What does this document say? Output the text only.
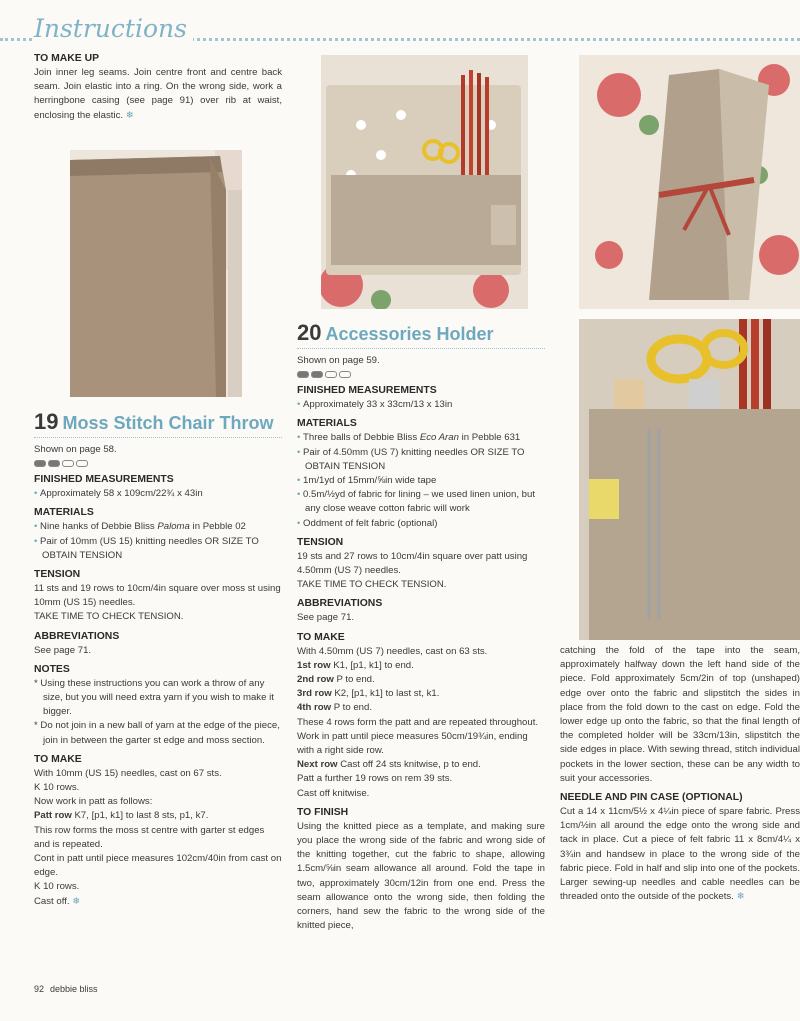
Instructions
TO MAKE UP

Join inner leg seams. Join centre front and centre back seam. Join elastic into a ring. On the wrong side, work a herringbone casing (see page 91) over rib at waist, enclosing the elastic. ❄

19 Moss Stitch Chair Throw

Shown on page 58.

FINISHED MEASUREMENTS

• Approximately 58 x 109cm/22¾ x 43in

MATERIALS

• Nine hanks of Debbie Bliss Paloma in Pebble 02

• Pair of 10mm (US 15) knitting needles OR SIZE TO OBTAIN TENSION

TENSION

11 sts and 19 rows to 10cm/4in square over moss st using 10mm (US 15) needles.

TAKE TIME TO CHECK TENSION.

ABBREVIATIONS

See page 71.

NOTES

* Using these instructions you can work a throw of any size, but you will need extra yarn if you wish to make it bigger.

* Do not join in a new ball of yarn at the edge of the piece, join in between the garter st edge and moss section.

TO MAKE

With 10mm (US 15) needles, cast on 67 sts.

K 10 rows.

Now work in patt as follows:

Patt row K7, [p1, k1] to last 8 sts, p1, k7.

This row forms the moss st centre with garter st edges and is repeated.

Cont in patt until piece measures 102cm/40in from cast on edge.

K 10 rows.

Cast off. ❄

20 Accessories Holder

Shown on page 59.

FINISHED MEASUREMENTS

• Approximately 33 x 33cm/13 x 13in

MATERIALS

• Three balls of Debbie Bliss Eco Aran in Pebble 631

• Pair of 4.50mm (US 7) knitting needles OR SIZE TO OBTAIN TENSION

• 1m/1yd of 15mm/⅝in wide tape

• 0.5m/½yd of fabric for lining – we used linen union, but any close weave cotton fabric will work

• Oddment of felt fabric (optional)

TENSION

19 sts and 27 rows to 10cm/4in square over patt using 4.50mm (US 7) needles.

TAKE TIME TO CHECK TENSION.

ABBREVIATIONS

See page 71.

TO MAKE

With 4.50mm (US 7) needles, cast on 63 sts.

1st row K1, [p1, k1] to end.

2nd row P to end.

3rd row K2, [p1, k1] to last st, k1.

4th row P to end.

These 4 rows form the patt and are repeated throughout.

Work in patt until piece measures 50cm/19¾in, ending with a right side row.

Next row Cast off 24 sts knitwise, p to end.

Patt a further 19 rows on rem 39 sts.

Cast off knitwise.

TO FINISH

Using the knitted piece as a template, and making sure you place the wrong side of the fabric and wrong side of the knitting together, cut the fabric to shape, allowing 1.5cm/⅝in seam allowance all around. Fold the tape in two, approximately 30cm/12in from one end. Press the seam allowance onto the wrong side, then folding the corners, hand sew the fabric to the wrong side of the knitted piece,

catching the fold of the tape into the seam, approximately halfway down the left hand side of the piece. Fold approximately 5cm/2in of top (unshaped) edge over onto the fabric and slipstitch the sides in place from the fold down to the cast on edge. Fold the lower edge up onto the fabric, so that the final length of the completed holder will be 33cm/13in, slipstitch the side edges in place. With sewing thread, stitch individual pockets in the lower section, these can be any width to suit your accessories.

NEEDLE AND PIN CASE (OPTIONAL)

Cut a 14 x 11cm/5½ x 4¼in piece of spare fabric. Press 1cm/½in all around the edge onto the wrong side and tack in place. Cut a piece of felt fabric 11 x 8cm/4¼ x 3¾in and handsew in place to the wrong side of the fabric piece. Fold in half and slip into one of the pockets. Larger sewing-up needles and cable needles can be threaded onto the outside of the pockets. ❄

92 debbie bliss
